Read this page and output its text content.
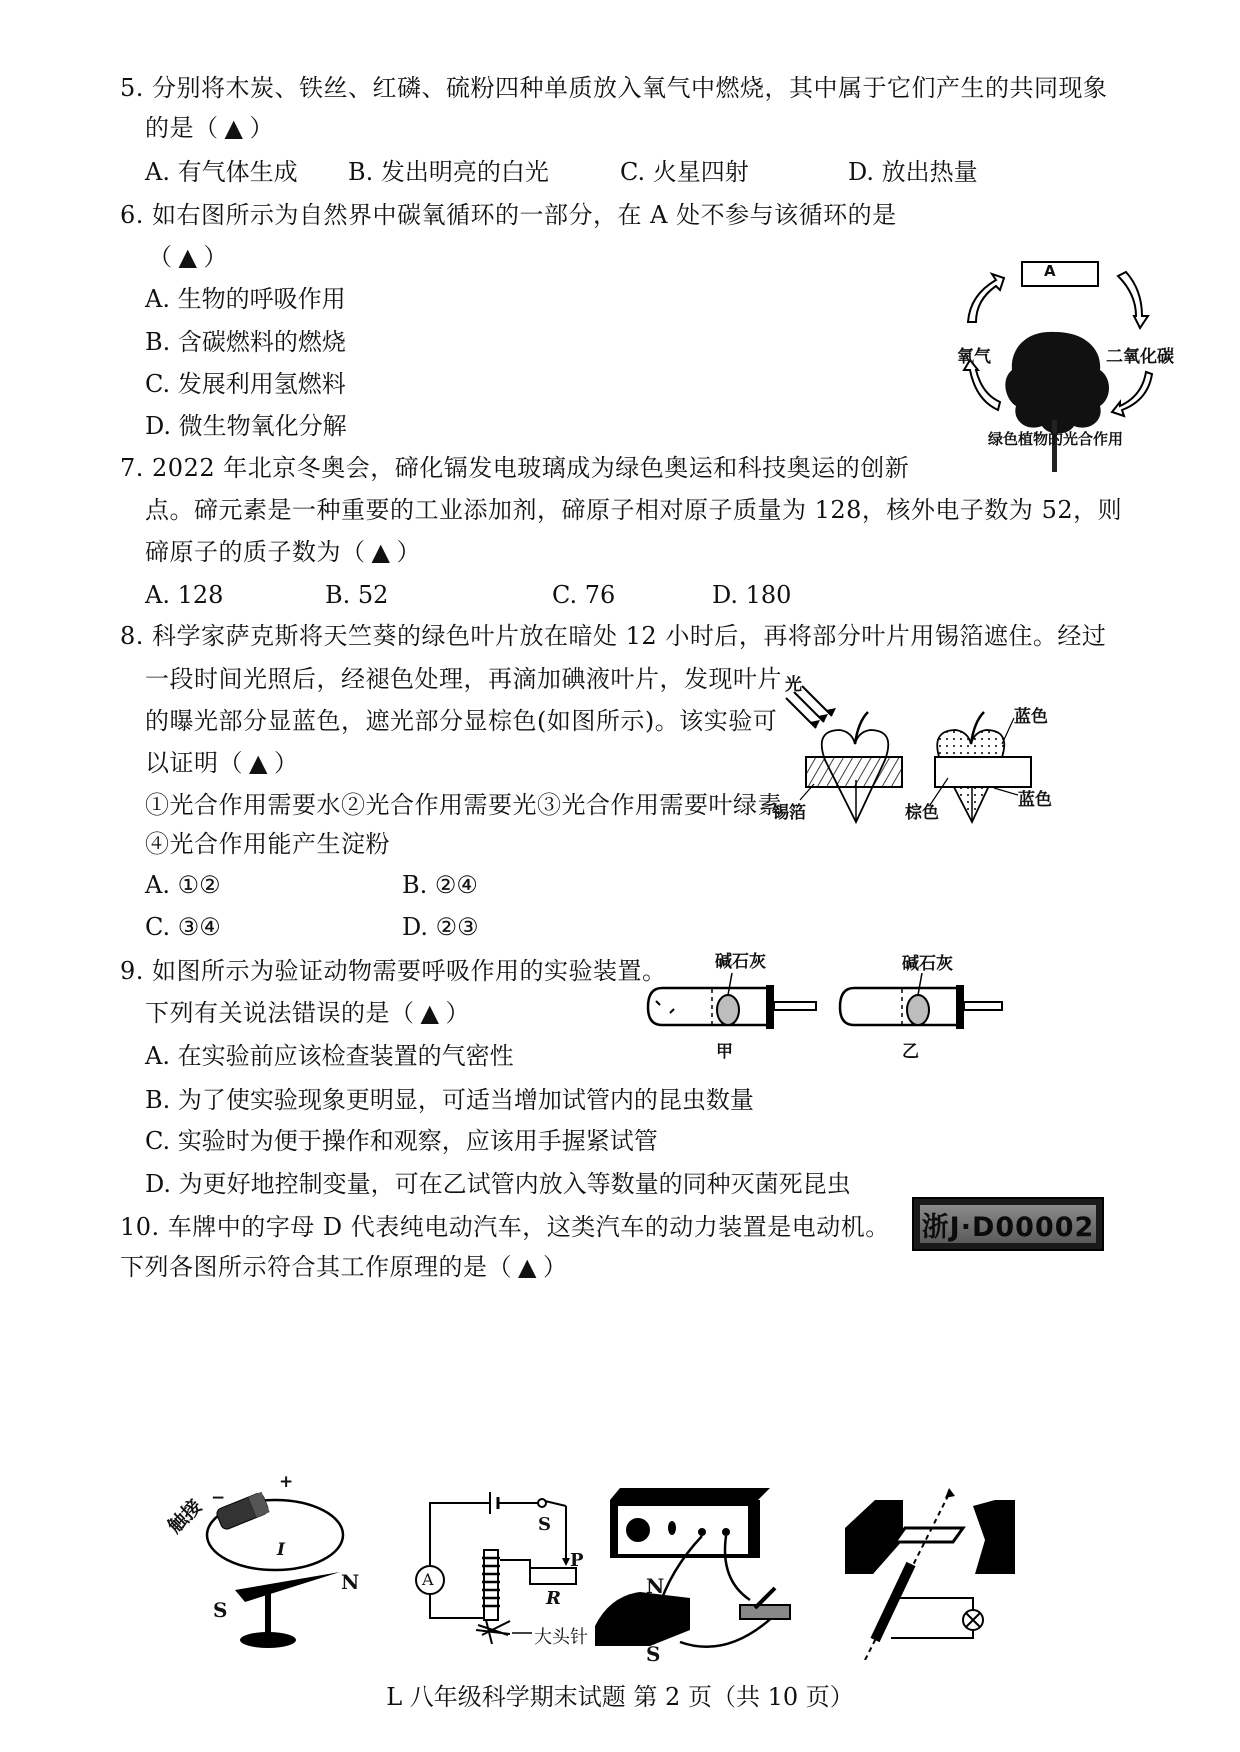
5. 分别将木炭、铁丝、红磷、硫粉四种单质放入氧气中燃烧，其中属于它们产生的共同现象
的是（ ▲ ）
A. 有气体生成 B. 发出明亮的白光	C. 火星四射	D. 放出热量
6. 如右图所示为自然界中碳氧循环的一部分，在 A 处不参与该循环的是
（ ▲ ）
A. 生物的呼吸作用
B. 含碳燃料的燃烧
C. 发展利用氢燃料
D. 微生物氧化分解
A
氧气	二氧化碳
绿色植物的光合作用
7. 2022 年北京冬奥会，碲化镉发电玻璃成为绿色奥运和科技奥运的创新
点。碲元素是一种重要的工业添加剂，碲原子相对原子质量为 128，核外电子数为 52，则
碲原子的质子数为（ ▲ ）
A. 128	B. 52	C. 76	D. 180
8. 科学家萨克斯将天竺葵的绿色叶片放在暗处 12 小时后，再将部分叶片用锡箔遮住。经过
一段时间光照后，经褪色处理，再滴加碘液叶片，发现叶片
的曝光部分显蓝色，遮光部分显棕色(如图所示)。该实验可
以证明（ ▲ ）
①光合作用需要水②光合作用需要光③光合作用需要叶绿素
④光合作用能产生淀粉
A. ①②	B. ②④
C. ③④	D. ②③
光
锡箔	棕色
蓝色
蓝色
9. 如图所示为验证动物需要呼吸作用的实验装置。
下列有关说法错误的是（ ▲ ）
A. 在实验前应该检查装置的气密性
B. 为了使实验现象更明显，可适当增加试管内的昆虫数量
C. 实验时为便于操作和观察，应该用手握紧试管
D. 为更好地控制变量，可在乙试管内放入等数量的同种灭菌死昆虫
碱石灰	碱石灰
甲	乙
10. 车牌中的字母 D 代表纯电动汽车，这类汽车的动力装置是电动机。
下列各图所示符合其工作原理的是（ ▲ ）
浙J·D00002
触接 −
+
I
N
S
A
S
P
R
大头针
N
S
L 八年级科学期末试题 第 2 页（共 10 页）
